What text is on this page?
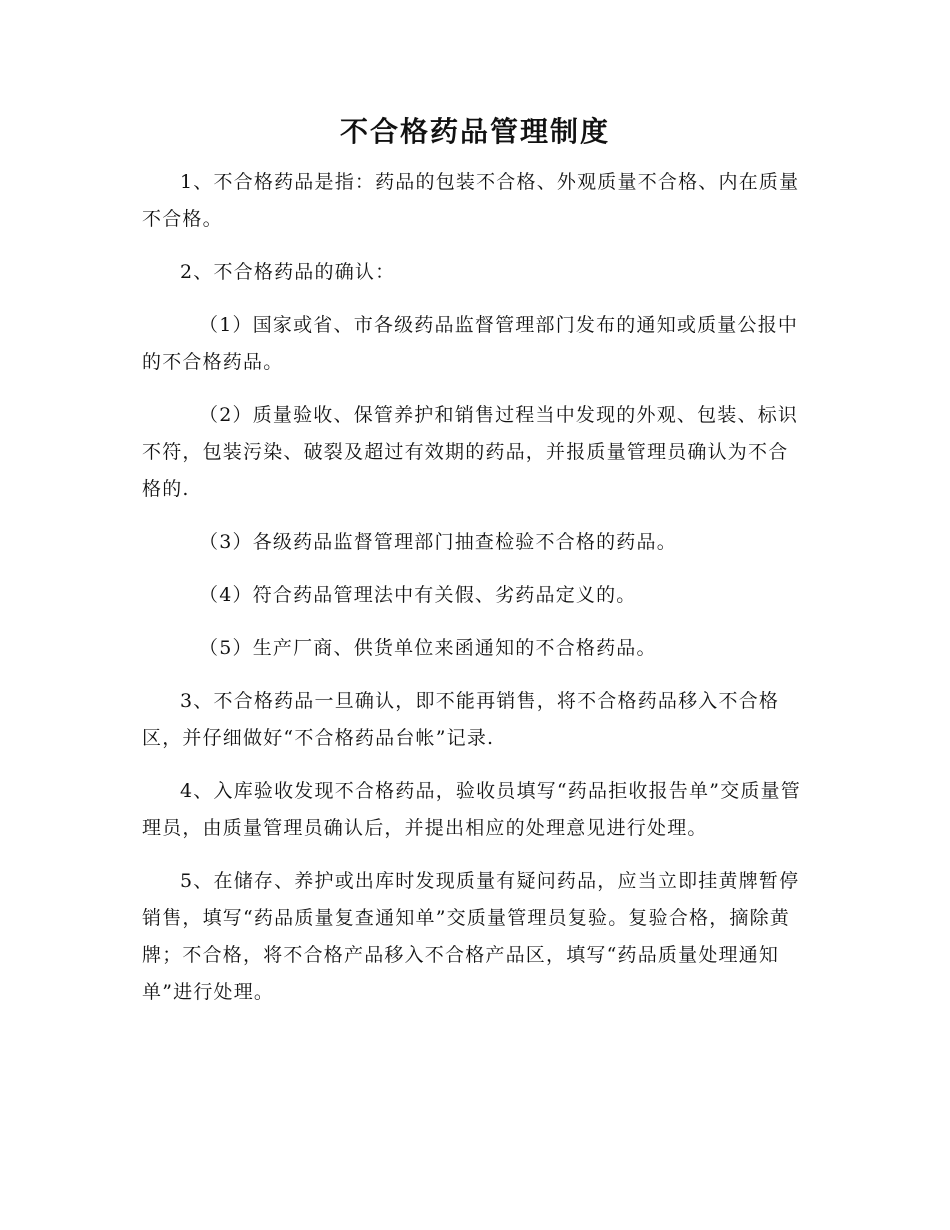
不合格药品管理制度

1、不合格药品是指：药品的包装不合格、外观质量不合格、内在质量不合格。

2、不合格药品的确认：

（1）国家或省、市各级药品监督管理部门发布的通知或质量公报中的不合格药品。

（2）质量验收、保管养护和销售过程当中发现的外观、包装、标识不符，包装污染、破裂及超过有效期的药品，并报质量管理员确认为不合格的.

（3）各级药品监督管理部门抽查检验不合格的药品。

（4）符合药品管理法中有关假、劣药品定义的。

（5）生产厂商、供货单位来函通知的不合格药品。

3、不合格药品一旦确认，即不能再销售，将不合格药品移入不合格区，并仔细做好“不合格药品台帐”记录.

4、入库验收发现不合格药品，验收员填写“药品拒收报告单”交质量管理员，由质量管理员确认后，并提出相应的处理意见进行处理。

5、在储存、养护或出库时发现质量有疑问药品，应当立即挂黄牌暂停销售，填写“药品质量复查通知单”交质量管理员复验。复验合格，摘除黄牌；不合格，将不合格产品移入不合格产品区，填写“药品质量处理通知单”进行处理。
